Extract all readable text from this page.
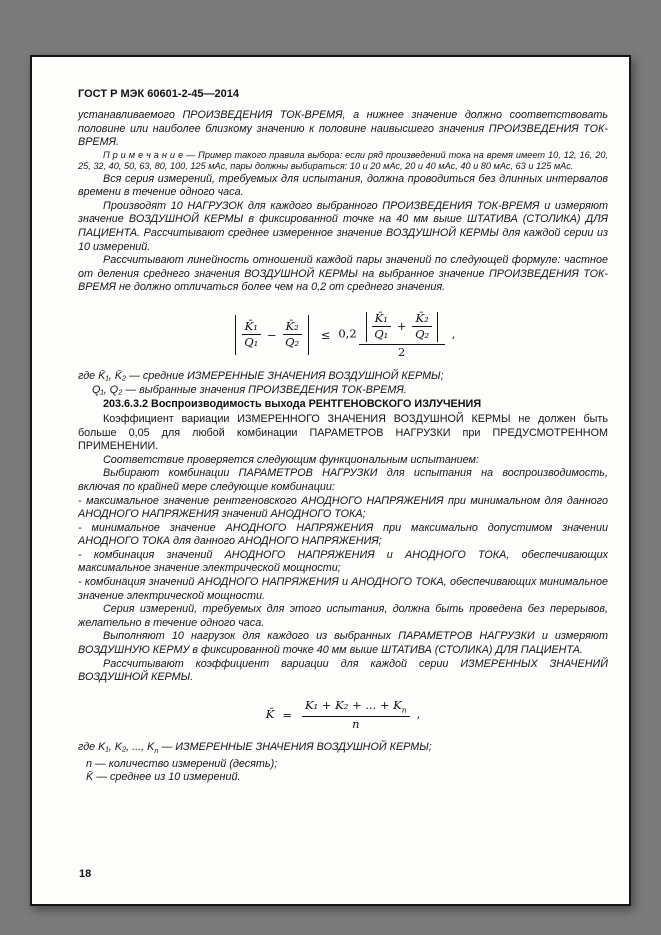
ГОСТ Р МЭК 60601-2-45—2014

устанавливаемого ПРОИЗВЕДЕНИЯ ТОК-ВРЕМЯ, а нижнее значение должно соответствовать половине или наиболее близкому значению к половине наивысшего значения ПРОИЗВЕДЕНИЯ ТОК-ВРЕМЯ.

П р и м е ч а н и е — Пример такого правила выбора: если ряд произведений тока на время имеет 10, 12, 16, 20, 25, 32, 40, 50, 63, 80, 100, 125 мАс, пары должны выбираться: 10 и 20 мАс, 20 и 40 мАс, 40 и 80 мАс, 63 и 125 мАс.

Вся серия измерений, требуемых для испытания, должна проводиться без длинных интервалов времени в течение одного часа.

Производят 10 НАГРУЗОК для каждого выбранного ПРОИЗВЕДЕНИЯ ТОК-ВРЕМЯ и измеряют значение ВОЗДУШНОЙ КЕРМЫ в фиксированной точке на 40 мм выше ШТАТИВА (СТОЛИКА) ДЛЯ ПАЦИЕНТА. Рассчитывают среднее измеренное значение ВОЗДУШНОЙ КЕРМЫ для каждой серии из 10 измерений.

Рассчитывают линейность отношений каждой пары значений по следующей формуле: частное от деления среднего значения ВОЗДУШНОЙ КЕРМЫ на выбранное значение ПРОИЗВЕДЕНИЯ ТОК-ВРЕМЯ не должно отличаться более чем на 0,2 от среднего значения.

$\frac{\text{K̄₁}}{\text{Q₁}} - \frac{\text{K̄₂}}{\text{Q₂}} \le 0,2 \frac{\frac{\text{K̄₁}}{\text{Q₁}} + \frac{\text{K̄₂}}{\text{Q₂}}}{2}$ ,

где K̄₁, K̄₂ — средние ИЗМЕРЕННЫЕ ЗНАЧЕНИЯ ВОЗДУШНОЙ КЕРМЫ;

Q₁, Q₂ — выбранные значения ПРОИЗВЕДЕНИЯ ТОК-ВРЕМЯ.

203.6.3.2 Воспроизводимость выхода РЕНТГЕНОВСКОГО ИЗЛУЧЕНИЯ

Коэффициент вариации ИЗМЕРЕННОГО ЗНАЧЕНИЯ ВОЗДУШНОЙ КЕРМЫ не должен быть больше 0,05 для любой комбинации ПАРАМЕТРОВ НАГРУЗКИ при ПРЕДУСМОТРЕННОМ ПРИМЕНЕНИИ.

Соответствие проверяется следующим функциональным испытанием:

Выбирают комбинации ПАРАМЕТРОВ НАГРУЗКИ для испытания на воспроизводимость, включая по крайней мере следующие комбинации:

- максимальное значение рентгеновского АНОДНОГО НАПРЯЖЕНИЯ при минимальном для данного АНОДНОГО НАПРЯЖЕНИЯ значений АНОДНОГО ТОКА;

- минимальное значение АНОДНОГО НАПРЯЖЕНИЯ при максимально допустимом значении АНОДНОГО ТОКА для данного АНОДНОГО НАПРЯЖЕНИЯ;

- комбинация значений АНОДНОГО НАПРЯЖЕНИЯ и АНОДНОГО ТОКА, обеспечивающих максимальное значение электрической мощности;

- комбинация значений АНОДНОГО НАПРЯЖЕНИЯ и АНОДНОГО ТОКА, обеспечивающих минимальное значение электрической мощности.

Серия измерений, требуемых для этого испытания, должна быть проведена без перерывов, желательно в течение одного часа.

Выполняют 10 нагрузок для каждого из выбранных ПАРАМЕТРОВ НАГРУЗКИ и измеряют ВОЗДУШНУЮ КЕРМУ в фиксированной точке 40 мм выше ШТАТИВА (СТОЛИКА) ДЛЯ ПАЦИЕНТА.

Рассчитывают коэффициент вариации для каждой серии ИЗМЕРЕННЫХ ЗНАЧЕНИЙ ВОЗДУШНОЙ КЕРМЫ.

K̄ = $\frac{K_1 + K_2 + ... + K_n}{n}$ ,

где K₁, K₂, ..., $K_n$ — ИЗМЕРЕННЫЕ ЗНАЧЕНИЯ ВОЗДУШНОЙ КЕРМЫ;

n — количество измерений (десять);

K̄ — среднее из 10 измерений.

18
